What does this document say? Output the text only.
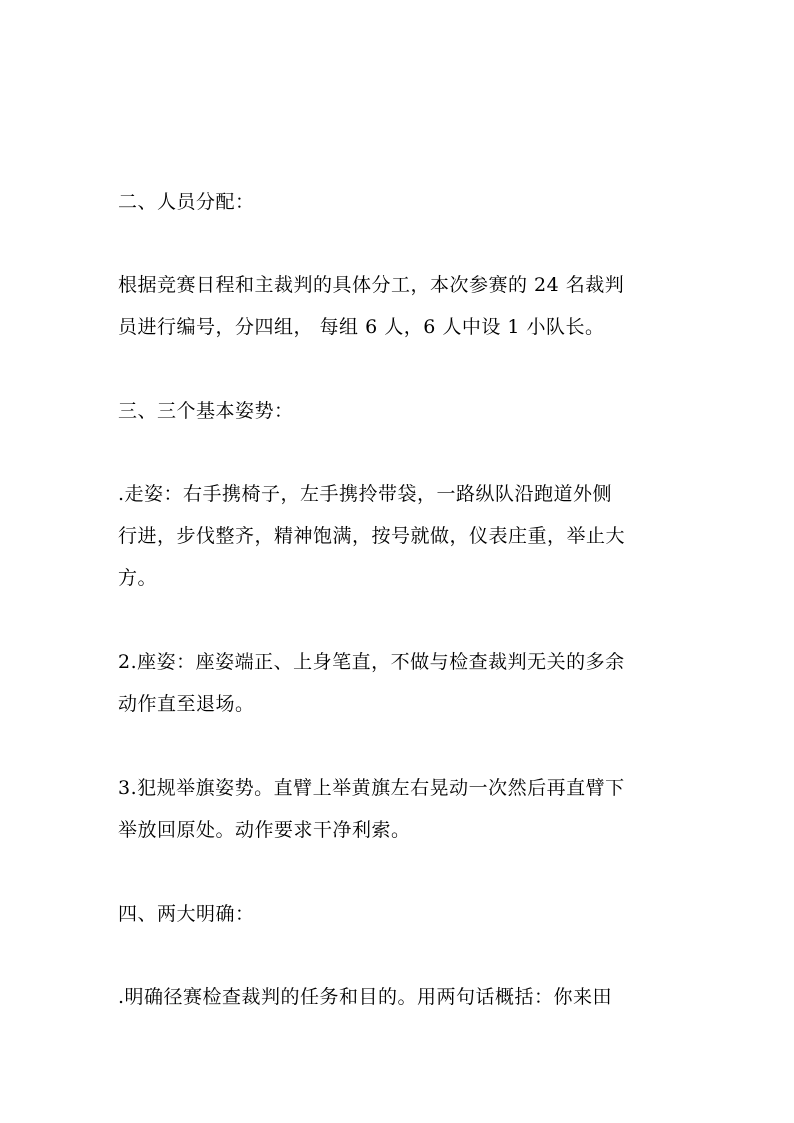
二、人员分配：
根据竞赛日程和主裁判的具体分工，本次参赛的 24 名裁判
员进行编号，分四组， 每组 6 人，6 人中设 1 小队长。
三、三个基本姿势：
.走姿：右手携椅子，左手携拎带袋，一路纵队沿跑道外侧
行进，步伐整齐，精神饱满，按号就做，仪表庄重，举止大
方。
2.座姿：座姿端正、上身笔直，不做与检查裁判无关的多余
动作直至退场。
3.犯规举旗姿势。直臂上举黄旗左右晃动一次然后再直臂下
举放回原处。动作要求干净利索。
四、两大明确：
.明确径赛检查裁判的任务和目的。用两句话概括：你来田
